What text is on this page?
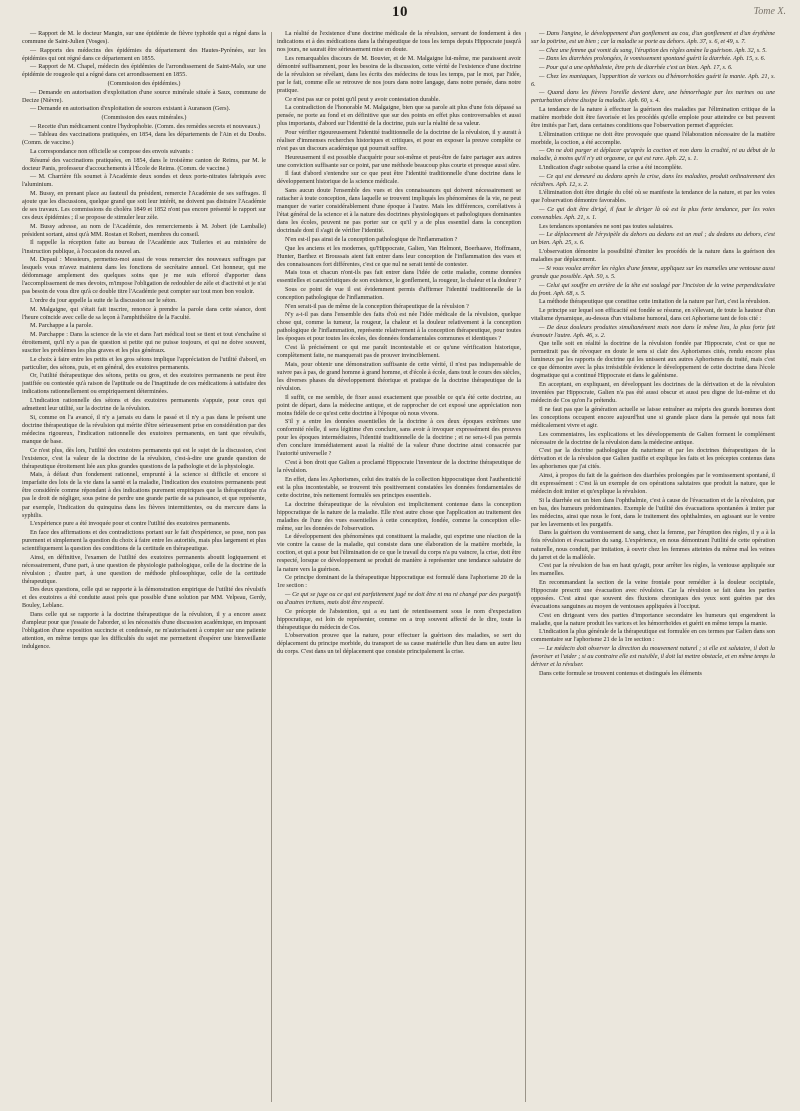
10	Tome X.

— Rapport de M. le docteur Mangin, sur une épidémie de fièvre typhoïde qui a régné dans la commune de Saint-Julien (Vosges).

— Rapports des médecins des épidémies du département des Hautes-Pyrénées, sur les épidémies qui ont régné dans ce département en 1855.

— Rapport de M. Chapel, médecin des épidémies de l'arrondissement de Saint-Malo, sur une épidémie de rougeole qui a régné dans cet arrondissement en 1855.

(Commission des épidémies.)

— Demande en autorisation d'exploitation d'une source minérale située à Saux, commune de Decize (Nièvre).

— Demande en autorisation d'exploitation de sources existant à Auranson (Gers).

(Commission des eaux minérales.)

— Recette d'un médicament contre l'hydrophobie. (Comm. des remèdes secrets et nouveaux.)

— Tableau des vaccinations pratiquées, en 1854, dans les départements de l'Ain et du Doubs. (Comm. de vaccine.)

La correspondance non officielle se compose des envois suivants :

Résumé des vaccinations pratiquées, en 1854, dans le troisième canton de Reims, par M. le docteur Panis, professeur d'accouchements à l'École de Reims. (Comm. de vaccine.)

— M. Charrière fils soumet à l'Académie deux sondes et deux porte-nitrates fabriqués avec l'aluminium.

M. Bussy, en prenant place au fauteuil du président, remercie l'Académie de ses suffrages. Il ajoute que les discussions, quelque grand que soit leur intérêt, ne doivent pas distraire l'Académie de ses travaux. Les commissions du choléra 1849 et 1852 n'ont pas encore présenté le rapport sur ces deux épidémies ; il se propose de stimuler leur zèle.

M. Bussy adresse, au nom de l'Académie, des remerciements à M. Jobert (de Lamballe) président sortant, ainsi qu'à MM. Rostan et Robert, membres du conseil.

Il rappelle la réception faite au bureau de l'Académie aux Tuileries et au ministère de l'instruction publique, à l'occasion du nouvel an.

M. Depaul : Messieurs, permettez-moi aussi de vous remercier des nouveaux suffrages par lesquels vous m'avez maintenu dans les fonctions de secrétaire annuel. Cet honneur, qui me dédommage amplement des quelques soins que je me suis efforcé d'apporter dans l'accomplissement de mes devoirs, m'impose l'obligation de redoubler de zèle et d'activité et je n'ai pas besoin de vous dire qu'à ce double titre l'Académie peut compter sur tout mon bon vouloir.

L'ordre du jour appelle la suite de la discussion sur le séton.

M. Malgaigne, qui s'était fait inscrire, renonce à prendre la parole dans cette séance, dont l'heure coïncide avec celle de sa leçon à l'amphithéâtre de la Faculté.

M. Parchappe a la parole.

M. Parchappe : Dans la science de la vie et dans l'art médical tout se tient et tout s'enchaîne si étroitement, qu'il n'y a pas de question si petite qui ne puisse toujours, et qui ne doive souvent, susciter les problèmes les plus graves et les plus généraux.

Le choix à faire entre les petits et les gros sétons implique l'appréciation de l'utilité d'abord, en particulier, des sétons, puis, et en général, des exutoires permanents.

Or, l'utilité thérapeutique des sétons, petits ou gros, et des exutoires permanents ne peut être justifiée ou contestée qu'à raison de l'aptitude ou de l'inaptitude de ces médications à satisfaire des indications rationnellement ou empiriquement déterminées.

L'indication rationnelle des sétons et des exutoires permanents s'appuie, pour ceux qui admettent leur utilité, sur la doctrine de la révulsion.

Si, comme on l'a avancé, il n'y a jamais eu dans le passé et il n'y a pas dans le présent une doctrine thérapeutique de la révulsion qui mérite d'être sérieusement prise en considération par des médecins rigoureux, l'indication rationnelle des exutoires permanents, en tant que révulsifs, manque de base.

Ce n'est plus, dès lors, l'utilité des exutoires permanents qui est le sujet de la discussion, c'est l'existence, c'est la valeur de la doctrine de la révulsion, c'est-à-dire une grande question de thérapeutique étroitement liée aux plus grandes questions de la pathologie et de la physiologie.

Mais, à défaut d'un fondement rationnel, emprunté à la science si difficile et encore si imparfaite des lois de la vie dans la santé et la maladie, l'indication des exutoires permanents peut être considérée comme répondant à des indications purement empiriques que la thérapeutique n'a pas le droit de négliger, sous peine de perdre une grande partie de sa puissance, et que représente, par exemple, l'indication du quinquina dans les fièvres intermittentes, ou du mercure dans la syphilis.

L'expérience pure a été invoquée pour et contre l'utilité des exutoires permanents.

En face des affirmations et des contradictions portant sur le fait d'expérience, se pose, non pas purement et simplement la question du choix à faire entre les autorités, mais plus largement et plus scientifiquement la question des conditions de la certitude en thérapeutique.

Ainsi, en définitive, l'examen de l'utilité des exutoires permanents aboutit logiquement et nécessairement, d'une part, à une question de physiologie pathologique, celle de la doctrine de la révulsion ; d'autre part, à une question de méthode philosophique, celle de la certitude thérapeutique.

Des deux questions, celle qui se rapporte à la démonstration empirique de l'utilité des révulsifs et des exutoires a été conduite aussi près que possible d'une solution par MM. Velpeau, Gerdy, Bouley, Leblanc.

Dans celle qui se rapporte à la doctrine thérapeutique de la révulsion, il y a encore assez d'ampleur pour que j'essaie de l'aborder, si les nécessités d'une discussion académique, en imposant l'obligation d'une exposition succincte et condensée, ne m'autorisaient à compter sur une patiente attention, en même temps que les difficultés du sujet me permettent d'espérer une bienveillante indulgence.

La réalité de l'existence d'une doctrine médicale de la révulsion, servant de fondement à des indications et à des médications dans la thérapeutique de tous les temps depuis Hippocrate jusqu'à nos jours, ne saurait être sérieusement mise en doute.

Les remarquables discours de M. Bouvier, et de M. Malgaigne lui-même, me paraissent avoir démontré suffisamment, pour les besoins de la discussion, cette vérité de l'existence d'une doctrine de la révulsion se révélant, dans les écrits des médecins de tous les temps, par le mot, par l'idée, par le fait, comme elle se retrouve de nos jours dans notre langage, dans notre pensée, dans notre pratique.

Ce n'est pas sur ce point qu'il peut y avoir contestation durable.

La contradiction de l'honorable M. Malgaigne, bien que sa parole ait plus d'une fois dépassé sa pensée, ne porte au fond et en définitive que sur des points en effet plus controversables et aussi plus importants, d'abord sur l'identité de la doctrine, puis sur la réalité de sa valeur.

Pour vérifier rigoureusement l'identité traditionnelle de la doctrine de la révulsion, il y aurait à réaliser d'immenses recherches historiques et critiques, et pour en exposer la preuve complète ce n'est pas un discours académique qui pourrait suffire.

Heureusement il est possible d'acquérir pour soi-même et peut-être de faire partager aux autres une conviction suffisante sur ce point, par une méthode beaucoup plus courte et presque aussi sûre.

Il faut d'abord s'entendre sur ce que peut être l'identité traditionnelle d'une doctrine dans le développement historique de la science médicale.

Sans aucun doute l'ensemble des vues et des connaissances qui doivent nécessairement se rattacher à toute conception, dans laquelle se trouvent impliqués les phénomènes de la vie, ne peut manquer de varier considérablement d'une époque à l'autre. Mais les différences, corrélatives à l'état général de la science et à la nature des doctrines physiologiques et pathologiques dominantes dans les écoles, peuvent ne pas porter sur ce qu'il y a de plus essentiel dans la conception doctrinale dont il s'agit de vérifier l'identité.

N'en est-il pas ainsi de la conception pathologique de l'inflammation ?

Que les anciens et les modernes, qu'Hippocrate, Galien, Van Helmont, Boerhaave, Hoffmann, Hunter, Barthez et Broussais aient fait entrer dans leur conception de l'inflammation des vues et des connaissances fort différentes, c'est ce que nul ne serait tenté de contester.

Mais tous et chacun n'ont-ils pas fait entrer dans l'idée de cette maladie, comme données essentielles et caractéristiques de son existence, le gonflement, la rougeur, la chaleur et la douleur ?

Sous ce point de vue il est évidemment permis d'affirmer l'identité traditionnelle de la conception pathologique de l'inflammation.

N'en serait-il pas de même de la conception thérapeutique de la révulsion ?

N'y a-t-il pas dans l'ensemble des faits d'où est née l'idée médicale de la révulsion, quelque chose qui, comme la tumeur, la rougeur, la chaleur et la douleur relativement à la conception pathologique de l'inflammation, représente relativement à la conception thérapeutique, pour toutes les époques et pour toutes les écoles, des données fondamentales communes et identiques ?

C'est là précisément ce qui me paraît incontestable et ce qu'une vérification historique, complètement faite, ne manquerait pas de prouver invinciblement.

Mais, pour obtenir une démonstration suffisante de cette vérité, il n'est pas indispensable de suivre pas à pas, de grand homme à grand homme, et d'école à école, dans tout le cours des siècles, les diverses phases du développement théorique et pratique de la doctrine thérapeutique de la révulsion.

Il suffit, ce me semble, de fixer aussi exactement que possible ce qu'a été cette doctrine, au point de départ, dans la médecine antique, et de rapprocher de cet exposé une appréciation non moins fidèle de ce qu'est cette doctrine à l'époque où nous vivons.

S'il y a entre les données essentielles de la doctrine à ces deux époques extrêmes une conformité réelle, il sera légitime d'en conclure, sans avoir à invoquer expressément des preuves pour les époques intermédiaires, l'identité traditionnelle de la doctrine ; et ne sera-t-il pas permis d'en conclure immédiatement aussi la réalité de la valeur d'une doctrine ainsi consacrée par l'autorité universelle ?

C'est à bon droit que Galien a proclamé Hippocrate l'inventeur de la doctrine thérapeutique de la révulsion.

En effet, dans les Aphorismes, celui des traités de la collection hippocratique dont l'authenticité est la plus incontestable, se trouvent très positivement constatées les données fondamentales de cette doctrine, très nettement formulés ses principes essentiels.

La doctrine thérapeutique de la révulsion est implicitement contenue dans la conception hippocratique de la nature de la maladie. Elle n'est autre chose que l'application au traitement des maladies de l'une des vues essentielles à cette conception, fondée, comme la conception elle-même, sur les données de l'observation.

Le développement des phénomènes qui constituent la maladie, qui exprime une réaction de la vie contre la cause de la maladie, qui consiste dans une élaboration de la matière morbide, la coction, et qui a pour but l'élimination de ce que le travail du corps n'a pu vaincre, la crise, doit être respecté, lorsque ce développement se produit de manière à représenter une tendance salutaire de la nature vers la guérison.

Ce principe dominant de la thérapeutique hippocratique est formulé dans l'aphorisme 20 de la 1re section :

— Ce qui se juge ou ce qui est parfaitement jugé ne doit être ni mu ni changé par des purgatifs ou d'autres irritans, mais doit être respecté.

Ce précepte de l'abstention, qui a eu tant de retentissement sous le nom d'expectation hippocratique, est loin de représenter, comme on a trop souvent affecté de le dire, toute la thérapeutique du médecin de Cos.

L'observation prouve que la nature, pour effectuer la guérison des maladies, se sert du déplacement du principe morbide, du transport de sa cause matérielle d'un lieu dans un autre lieu du corps. C'est dans un tel déplacement que consiste principalement la crise.

— Dans l'angine, le développement d'un gonflement au cou, d'un gonflement et d'un érythème sur la poitrine, est un bien ; car la maladie se porte au dehors. Aph. 37, s. 6, et 49, s. 7.

— Chez une femme qui vomit du sang, l'éruption des règles amène la guérison. Aph. 32, s. 5.

— Dans les diarrhées prolongées, le vomissement spontané guérit la diarrhée. Aph. 15, s. 6.

— Pour qui a une ophthalmie, être pris de diarrhée c'est un bien. Aph. 17, s. 6.

— Chez les maniaques, l'apparition de varices ou d'hémorrhoïdes guérit la manie. Aph. 21, s. 6.

— Quand dans les fièvres l'oreille devient dure, une hémorrhagie par les narines ou une perturbation alvine dissipe la maladie. Aph. 60, s. 4.

La tendance de la nature à effectuer la guérison des maladies par l'élimination critique de la matière morbide doit être favorisée et les procédés qu'elle emploie pour atteindre ce but peuvent être imités par l'art, dans certaines conditions que l'observation permet d'apprécier.

L'élimination critique ne doit être provoquée que quand l'élaboration nécessaire de la matière morbide, la coction, a été accomplie.

— On ne doit purger et déplacer qu'après la coction et non dans la crudité, ni au début de la maladie, à moins qu'il n'y ait orgasme, ce qui est rare. Aph. 22, s. 1.

L'indication d'agir suboise quand la crise a été incomplète.

— Ce qui est demeuré au dedans après la crise, dans les maladies, produit ordinairement des récidives. Aph. 12, s. 2.

L'élimination doit être dirigée du côté où se manifeste la tendance de la nature, et par les voies que l'observation démontre favorables.

— Ce qui doit être dirigé, il faut le diriger là où est la plus forte tendance, par les voies convenables. Aph. 21, s. 1.

Les tendances spontanées ne sont pas toutes salutaires.

— Le déplacement de l'érysipèle du dehors au dedans est un mal ; du dedans au dehors, c'est un bien. Aph. 25, s. 6.

L'observation démontre la possibilité d'imiter les procédés de la nature dans la guérison des maladies par déplacement.

— Si vous voulez arrêter les règles d'une femme, appliquez sur les mamelles une ventouse aussi grande que possible. Aph. 50, s. 5.

— Celui qui souffre en arrière de la tête est soulagé par l'incision de la veine perpendiculaire du front. Aph. 68, s. 5.

La méthode thérapeutique que constitue cette imitation de la nature par l'art, c'est la révulsion.

Le principe sur lequel son efficacité est fondée se résume, en s'élevant, de toute la hauteur d'un vitalisme dynamique, au-dessus d'un vitalisme humoral, dans cet Aphorisme tant de fois cité :

— De deux douleurs produites simultanément mais non dans le même lieu, la plus forte fait évanouir l'autre. Aph. 46, s. 2.

Que telle soit en réalité la doctrine de la révulsion fondée par Hippocrate, c'est ce que ne permettrait pas de révoquer en doute le sens si clair des Aphorismes cités, rendu encore plus lumineux par les rapports de doctrine qui les unissent aux autres Aphorismes du traité, mais c'est ce que démontre avec la plus irrésistible évidence le développement de cette doctrine dans l'école dogmatique qui a continué Hippocrate et dans le galénisme.

En acceptant, en expliquant, en développant les doctrines de la dérivation et de la révulsion inventées par Hippocrate, Galien n'a pas été aussi obscur et aussi peu digne de lui-même et du médecin de Cos qu'on l'a prétendu.

Il ne faut pas que la génération actuelle se laisse entraîner au mépris des grands hommes dont les conceptions occupent encore aujourd'hui une si grande place dans la pensée qui nous fait médicalement vivre et agir.

Les commentaires, les explications et les développements de Galien forment le complément nécessaire de la doctrine de la révulsion dans la médecine antique.

C'est par la doctrine pathologique du naturisme et par les doctrines thérapeutiques de la dérivation et de la révulsion que Galien justifie et explique les faits et les préceptes contenus dans les aphorismes que j'ai cités.

Ainsi, à propos du fait de la guérison des diarrhées prolongées par le vomissement spontané, il dit expressément : C'est là un exemple de ces opérations salutaires que produit la nature, que le médecin doit imiter et qu'explique la révulsion.

Si la diarrhée est un bien dans l'ophthalmie, c'est à cause de l'évacuation et de la révulsion, par en bas, des humeurs prédominantes. Exemple de l'utilité des évacuations spontanées à imiter par les médecins, ainsi que nous le font, dans le traitement des ophthalmies, en agissant sur le ventre par les lavements et les purgatifs.

Dans la guérison du vomissement de sang, chez la femme, par l'éruption des règles, il y a à la fois révulsion et évacuation du sang. L'expérience, en nous démontrant l'utilité de cette opération naturelle, nous conduit, par imitation, à ouvrir chez les femmes atteintes du même mal les veines du jarret et de la malléole.

C'est par la révulsion de bas en haut qu'agit, pour arrêter les règles, la ventouse appliquée sur les mamelles.

En recommandant la section de la veine frontale pour remédier à la douleur occipitale, Hippocrate prescrit une évacuation avec révulsion. Car la révulsion se fait dans les parties opposées. C'est ainsi que souvent des fluxions chroniques des yeux sont guéries par des évacuations sanguines au moyen de ventouses appliquées à l'occiput.

C'est en dirigeant vers des parties d'importance secondaire les humeurs qui engendrent la maladie, que la nature produit les varices et les hémorrhoïdes et guérit en même temps la manie.

L'indication la plus générale de la thérapeutique est formulée en ces termes par Galien dans son commentaire sur l'aphorisme 21 de la 1re section :

— Le médecin doit observer la direction du mouvement naturel ; si elle est salutaire, il doit la favoriser et l'aider ; si au contraire elle est nuisible, il doit lui mettre obstacle, et en même temps la dériver et la révulser.

Dans cette formule se trouvent contenus et distingués les éléments
